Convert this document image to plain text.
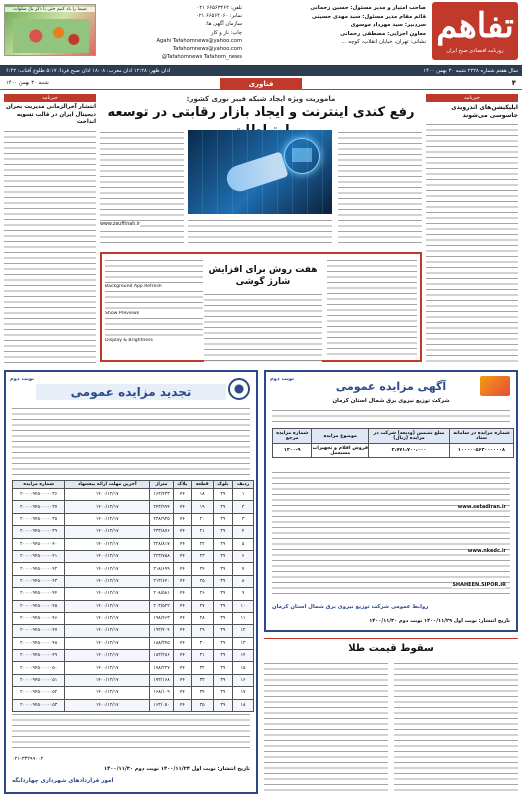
تفاهم
روزنامه اقتصادی صبح ایران
صاحب امتیاز و مدیر مسئول: حسین رحمانی
قائم مقام مدیر مسئول: سید مهدی حسینی
سردبیر: سید مهرداد موسوی
معاون اجرایی: مصطفی رحمانی
نشانی: تهران، خیابان انقلاب، کوچه ...
تلفن: ۶۶۵۶۳۲۶۲ ۰۲۱
نمابر: ۶۶۵۶۴۰۶۰ ۰۲۱
سازمان آگهی ها:
چاپ: ناز و کار
Agahi Tafahomnews@yahoo.com
Tafahomnews@yahoo.com
@Tafahomnews Tafahom_news
شیما را یاد کنیم حتی با ذکر یک صلوات
سال هفتم شماره ۲۲۲۸ شنبه ۳۰ بهمن ۱۴۰۰
اذان ظهر: ۱۲:۲۸ اذان مغرب: ۱۸:۰۸ اذان صبح فردا: ۵:۱۷ طلوع آفتاب: ۶:۴۲
فناوری	۴
شنبه ۳۰ بهمن ۱۴۰۰
خبرنامه
ایلیکیشن‌های اندرویدی جاسوسی می‌شوند
خبرنامه
انتشار آخرالزمانی مدیریت بحران دیجیتال ایران در قالب تسویه انداخت
ماموریت ویژه ایجاد شبکه فیبر نوری کشور:
رفع کندی اینترنت و ایجاد بازار رقابتی در توسعه
www.zaufitnah.ir
هفت روش برای افزایش شارژ گوشی
Background App Refresh
Show Previews
Display & Brightness
نوبت دوم
تجدید مزایده عمومی
ردیف	بلوک	قطعه	پلاک	متراژ	آخرین مهلت ارائه پیشنهاد	شماره مزایده
۱	۳۹	۱۸	۴۴	۱۶۳/۴۳۳	۱۴۰۰/۱۲/۱۷	۲۰۰۰۰۹۴۵۰۰۰۰۰۳۶
۲	۳۹	۱۹	۴۴	۲۴۳/۹۹۴	۱۴۰۰/۱۲/۱۷	۲۰۰۰۰۹۴۵۰۰۰۰۰۳۷
۳	۳۹	۲۰	۴۴	۲۳۸/۹۳۵	۱۴۰۰/۱۲/۱۷	۲۰۰۰۰۹۴۵۰۰۰۰۰۳۸
۴	۳۹	۲۱	۴۴	۲۳۳/۸۷۶	۱۴۰۰/۱۲/۱۷	۲۰۰۰۰۹۴۵۰۰۰۰۰۳۹
۵	۳۹	۲۲	۴۴	۲۲۸/۸۱۷	۱۴۰۰/۱۲/۱۷	۲۰۰۰۰۹۴۵۰۰۰۰۰۴۰
۶	۳۹	۲۳	۴۴	۲۲۳/۷۵۸	۱۴۰۰/۱۲/۱۷	۲۰۰۰۰۹۴۵۰۰۰۰۰۴۱
۷	۳۹	۲۴	۴۴	۲۱۸/۶۹۹	۱۴۰۰/۱۲/۱۷	۲۰۰۰۰۹۴۵۰۰۰۰۰۴۲
۸	۳۹	۲۵	۴۴	۲۱۳/۶۴۰	۱۴۰۰/۱۲/۱۷	۲۰۰۰۰۹۴۵۰۰۰۰۰۴۳
۹	۳۹	۲۶	۴۴	۲۰۸/۵۸۱	۱۴۰۰/۱۲/۱۷	۲۰۰۰۰۹۴۵۰۰۰۰۰۴۴
۱۰	۳۹	۲۷	۴۴	۲۰۳/۵۲۲	۱۴۰۰/۱۲/۱۷	۲۰۰۰۰۹۴۵۰۰۰۰۰۴۵
۱۱	۳۹	۲۸	۴۴	۱۹۸/۴۶۳	۱۴۰۰/۱۲/۱۷	۲۰۰۰۰۹۴۵۰۰۰۰۰۴۶
۱۲	۳۹	۲۹	۴۴	۱۹۳/۴۰۴	۱۴۰۰/۱۲/۱۷	۲۰۰۰۰۹۴۵۰۰۰۰۰۴۷
۱۳	۳۹	۳۰	۴۴	۱۸۸/۳۴۵	۱۴۰۰/۱۲/۱۷	۲۰۰۰۰۹۴۵۰۰۰۰۰۴۸
۱۴	۳۹	۳۱	۴۴	۱۸۳/۲۸۶	۱۴۰۰/۱۲/۱۷	۲۰۰۰۰۹۴۵۰۰۰۰۰۴۹
۱۵	۳۹	۳۲	۴۴	۱۷۸/۲۲۷	۱۴۰۰/۱۲/۱۷	۲۰۰۰۰۹۴۵۰۰۰۰۰۵۰
۱۶	۳۹	۳۳	۴۴	۱۷۳/۱۶۸	۱۴۰۰/۱۲/۱۷	۲۰۰۰۰۹۴۵۰۰۰۰۰۵۱
۱۷	۳۹	۳۴	۴۴	۱۶۸/۱۰۹	۱۴۰۰/۱۲/۱۷	۲۰۰۰۰۹۴۵۰۰۰۰۰۵۲
۱۸	۳۹	۳۵	۴۴	۱۶۳/۰۵۰	۱۴۰۰/۱۲/۱۷	۲۰۰۰۰۹۴۵۰۰۰۰۰۵۳
۰۲۱-۳۳۲۹۹۰۰۲
تاریخ انتشار: نوبت اول ۱۴۰۰/۱۱/۲۴ نوبت دوم ۱۴۰۰/۱۱/۳۰
امور قراردادهای شهرداری چهاردانگه
نوبت دوم
آگهی مزایده عمومی
شرکت توزیع نیروی برق شمال استان کرمان
شماره مزایده در سامانه ستاد	مبلغ تضمین (ودیعه) شرکت در مزایده (ریال)	موضوع مزایده	شماره مزایده مرجع
۱۰۰۰۰۰۵۶۳۰۰۰۰۰۰۸	۳،۷۷۱،۷۰۰،۰۰۰	فروش اقلام و تجهیزات مستعمل	۱۴۰۰-۹
www.setadiran.ir
www.nkedc.ir
SHAHEEN.SIPOR.IR
روابط عمومی شرکت توزیع نیروی برق شمال استان کرمان
تاریخ انتشار: نوبت اول ۱۴۰۰/۱۱/۲۹ نوبت دوم ۱۴۰۰/۱۱/۳۰
سقوط قیمت طلا
